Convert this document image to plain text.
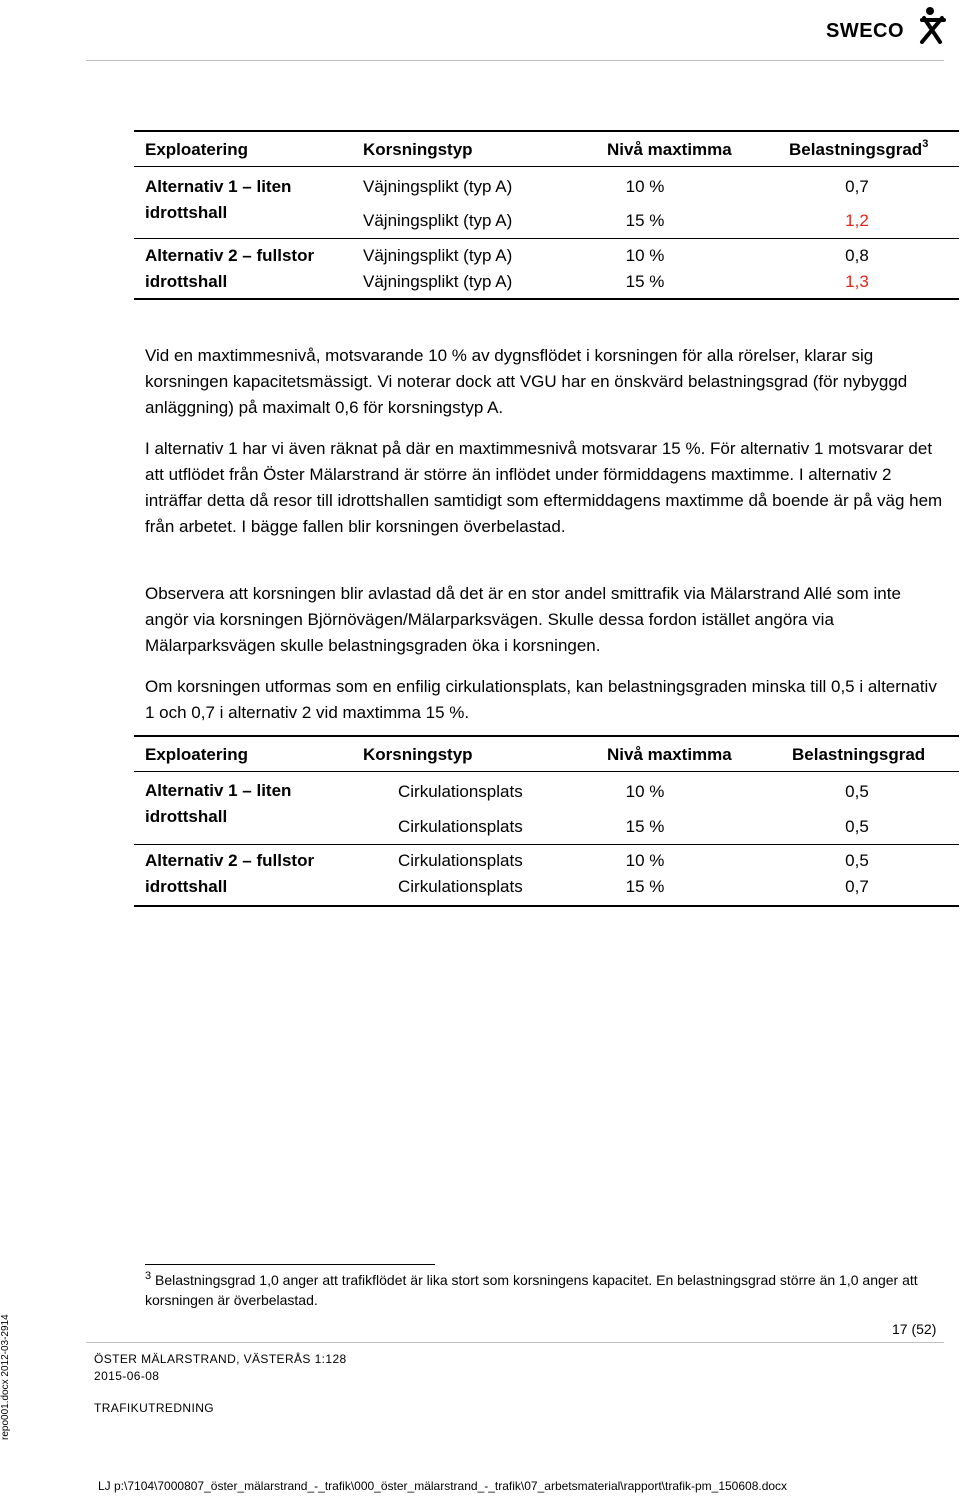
SWECO
Exploatering	Korsningstyp	Nivå maxtimma	Belastningsgrad$^3$
Alternativ 1 – liten
idrottshall
Väjningsplikt (typ A)	10 %	0,7
Väjningsplikt (typ A)	15 %	1,2
Alternativ 2 – fullstor
idrottshall
Väjningsplikt (typ A)	10 %	0,8
Väjningsplikt (typ A)	15 %	1,3
Vid en maxtimmesnivå, motsvarande 10 % av dygnsflödet i korsningen för alla rörelser, klarar sig korsningen kapacitetsmässigt. Vi noterar dock att VGU har en önskvärd belastningsgrad (för nybyggd anläggning) på maximalt 0,6 för korsningstyp A.
I alternativ 1 har vi även räknat på där en maxtimmesnivå motsvarar 15 %. För alternativ 1 motsvarar det att utflödet från Öster Mälarstrand är större än inflödet under förmiddagens maxtimme. I alternativ 2 inträffar detta då resor till idrottshallen samtidigt som eftermiddagens maxtimme då boende är på väg hem från arbetet. I bägge fallen blir korsningen överbelastad.
Observera att korsningen blir avlastad då det är en stor andel smittrafik via Mälarstrand Allé som inte angör via korsningen Björnövägen/Mälarparksvägen. Skulle dessa fordon istället angöra via Mälarparksvägen skulle belastningsgraden öka i korsningen.
Om korsningen utformas som en enfilig cirkulationsplats, kan belastningsgraden minska till 0,5 i alternativ 1 och 0,7 i alternativ 2 vid maxtimma 15 %.
Exploatering	Korsningstyp	Nivå maxtimma	Belastningsgrad
Alternativ 1 – liten
idrottshall
Cirkulationsplats	10 %	0,5
Cirkulationsplats	15 %	0,5
Alternativ 2 – fullstor
idrottshall
Cirkulationsplats	10 %	0,5
Cirkulationsplats	15 %	0,7
$^3$ Belastningsgrad 1,0 anger att trafikflödet är lika stort som korsningens kapacitet. En belastningsgrad större än 1,0 anger att korsningen är överbelastad.
17 (52)
ÖSTER MÄLARSTRAND, VÄSTERÅS 1:128
2015-06-08
TRAFIKUTREDNING
repo001.docx 2012-03-2914
LJ p:\7104\7000807_öster_mälarstrand_-_trafik\000_öster_mälarstrand_-_trafik\07_arbetsmaterial\rapport\trafik-pm_150608.docx
